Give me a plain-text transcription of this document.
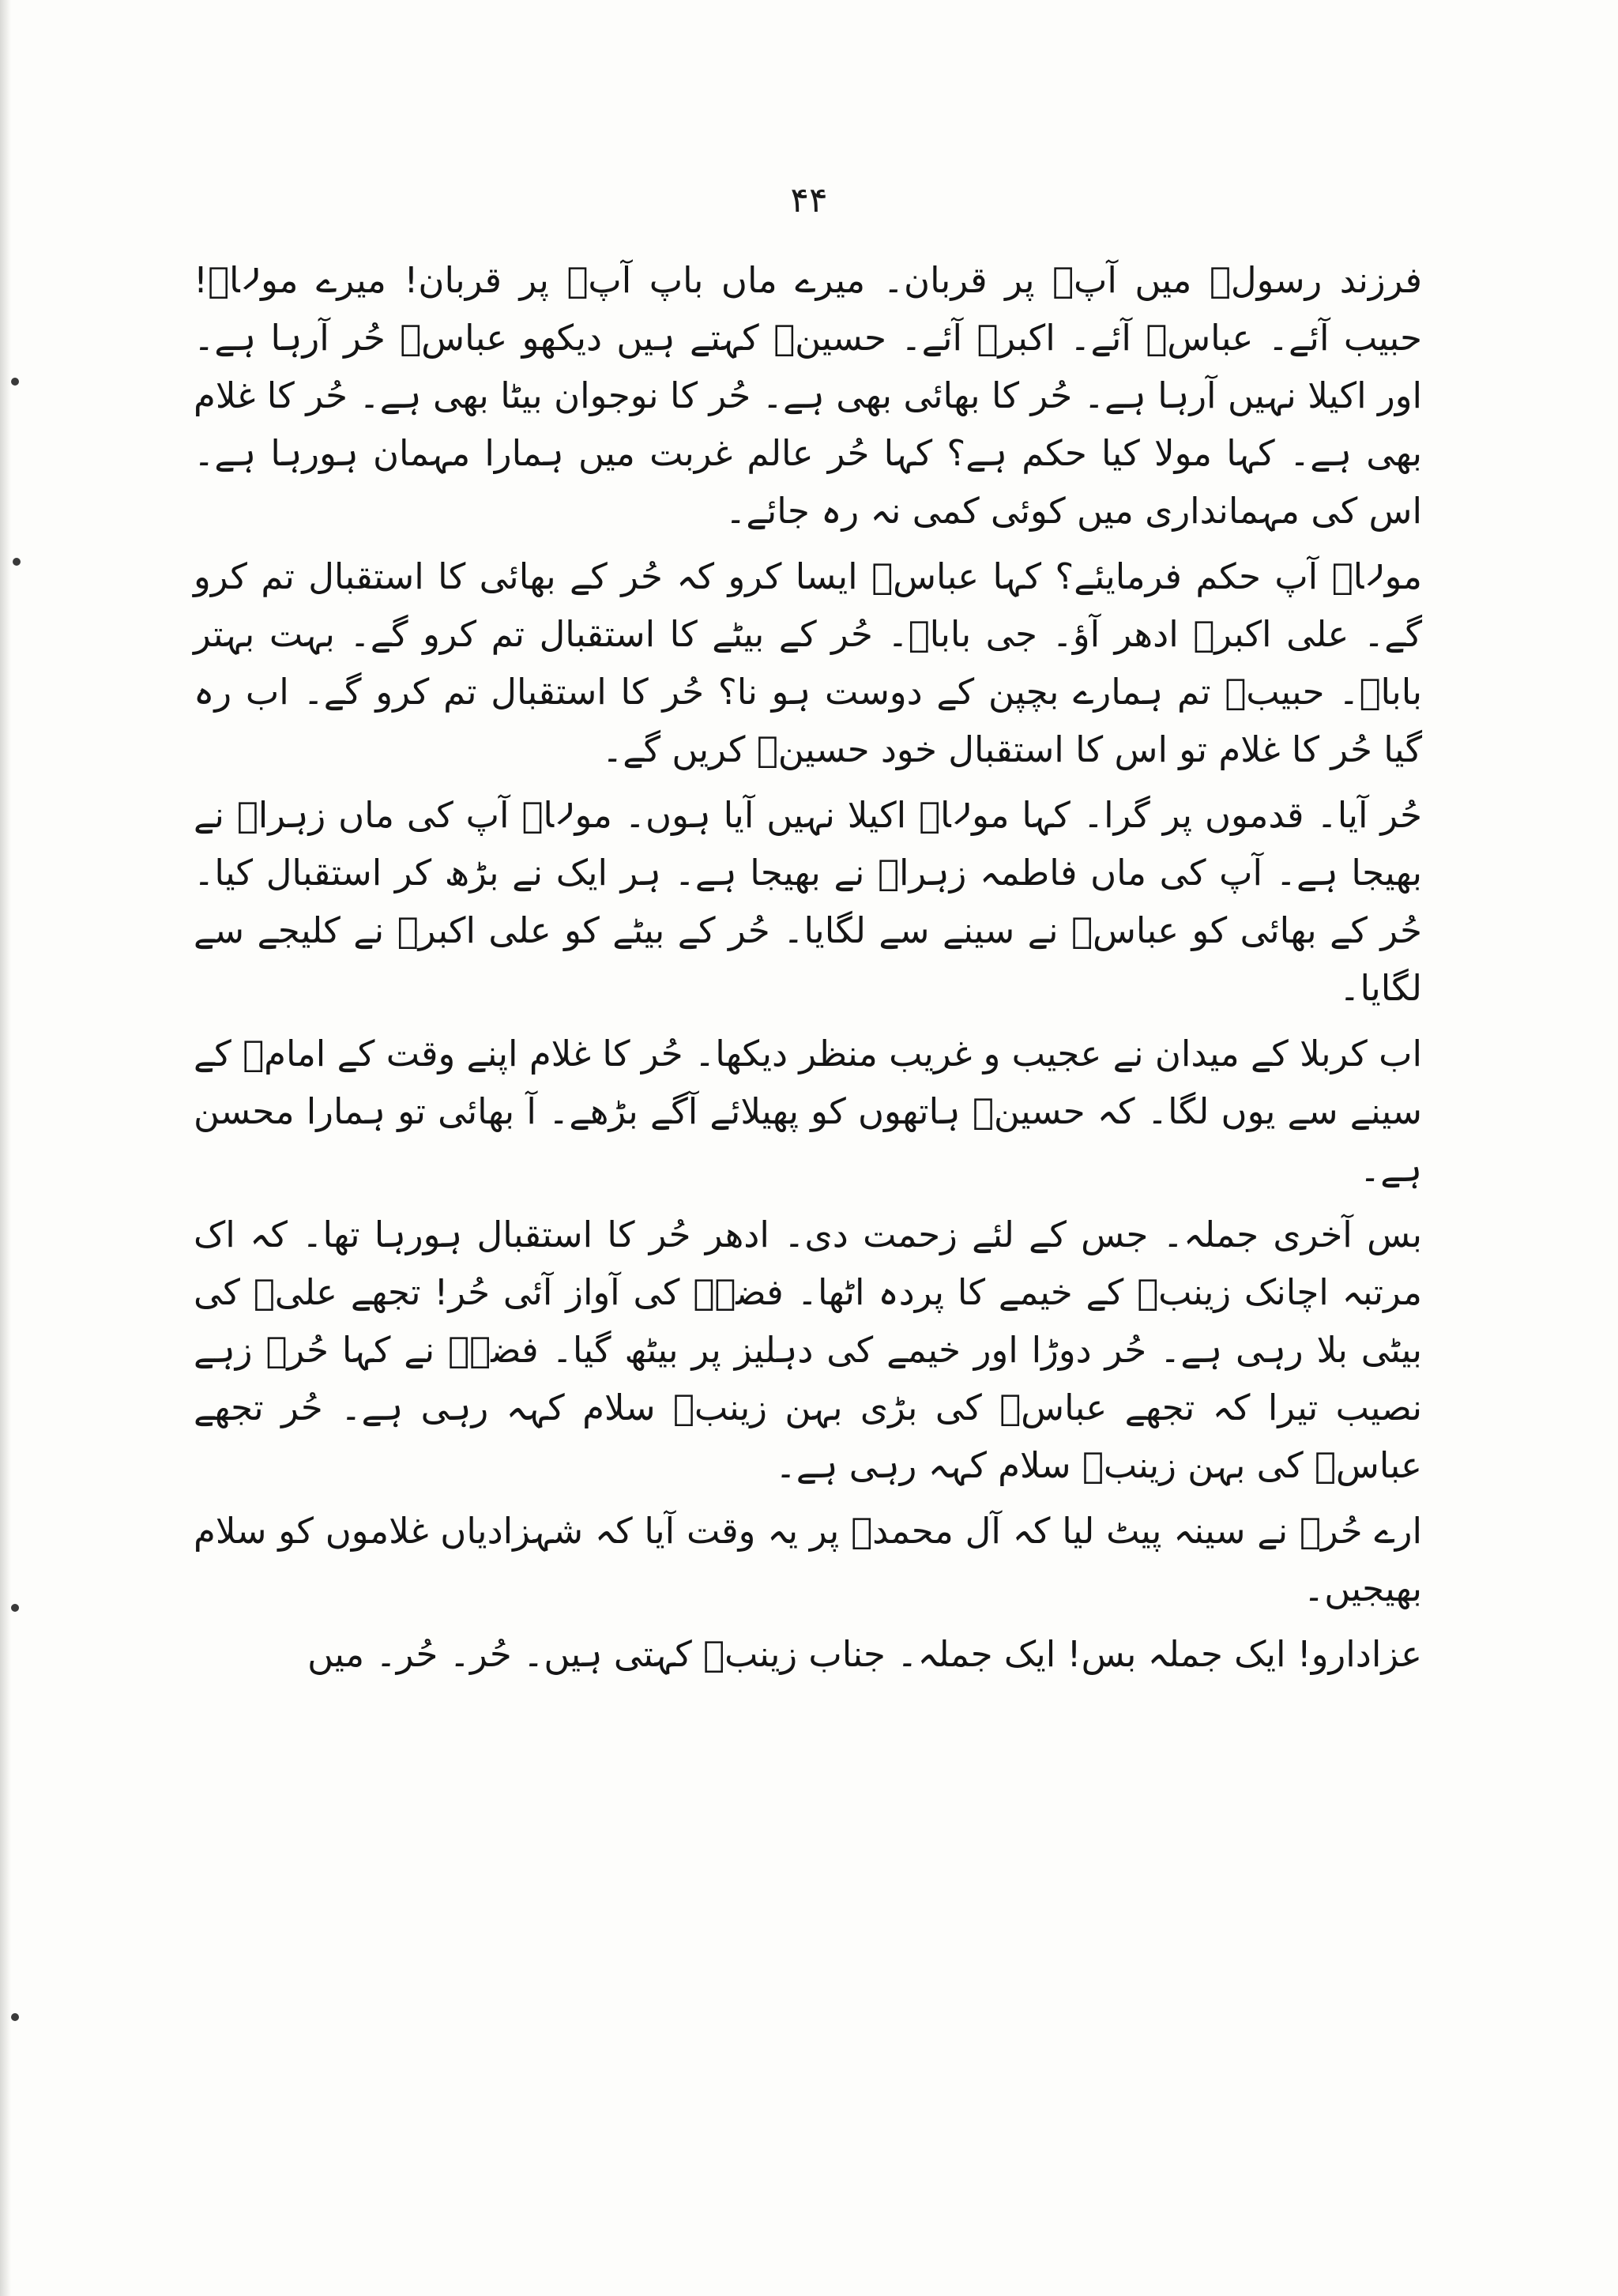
۴۴

فرزند رسولؑ میں آپؑ پر قربان۔ میرے ماں باپ آپؑ پر قربان! میرے مولاؑ! حبیب آئے۔ عباسؑ آئے۔ اکبرؑ آئے۔ حسینؑ کہتے ہیں دیکھو عباسؑ حُر آرہا ہے۔ اور اکیلا نہیں آرہا ہے۔ حُر کا بھائی بھی ہے۔ حُر کا نوجوان بیٹا بھی ہے۔ حُر کا غلام بھی ہے۔ کہا مولا کیا حکم ہے؟ کہا حُر عالم غربت میں ہمارا مہمان ہورہا ہے۔ اس کی مہمانداری میں کوئی کمی نہ رہ جائے۔

مولاؑ آپ حکم فرمایئے؟ کہا عباسؑ ایسا کرو کہ حُر کے بھائی کا استقبال تم کرو گے۔ علی اکبرؑ ادھر آؤ۔ جی باباؑ۔ حُر کے بیٹے کا استقبال تم کرو گے۔ بہت بہتر باباؑ۔ حبیبؑ تم ہمارے بچپن کے دوست ہو نا؟ حُر کا استقبال تم کرو گے۔ اب رہ گیا حُر کا غلام تو اس کا استقبال خود حسینؑ کریں گے۔

حُر آیا۔ قدموں پر گرا۔ کہا مولاؑ اکیلا نہیں آیا ہوں۔ مولاؑ آپ کی ماں زہراؑ نے بھیجا ہے۔ آپ کی ماں فاطمہ زہراؑ نے بھیجا ہے۔ ہر ایک نے بڑھ کر استقبال کیا۔ حُر کے بھائی کو عباسؑ نے سینے سے لگایا۔ حُر کے بیٹے کو علی اکبرؑ نے کلیجے سے لگایا۔

اب کربلا کے میدان نے عجیب و غریب منظر دیکھا۔ حُر کا غلام اپنے وقت کے امامؑ کے سینے سے یوں لگا۔ کہ حسینؑ ہاتھوں کو پھیلائے آگے بڑھے۔ آ بھائی تو ہمارا محسن ہے۔

بس آخری جملہ۔ جس کے لئے زحمت دی۔ ادھر حُر کا استقبال ہورہا تھا۔ کہ اک مرتبہ اچانک زینبؑ کے خیمے کا پردہ اٹھا۔ فضہؑ کی آواز آئی حُر! تجھے علیؑ کی بیٹی بلا رہی ہے۔ حُر دوڑا اور خیمے کی دہلیز پر بیٹھ گیا۔ فضہؑ نے کہا حُرؑ زہے نصیب تیرا کہ تجھے عباسؑ کی بڑی بہن زینبؑ سلام کہہ رہی ہے۔ حُر تجھے عباسؑ کی بہن زینبؑ سلام کہہ رہی ہے۔

ارے حُرؑ نے سینہ پیٹ لیا کہ آل محمدؐ پر یہ وقت آیا کہ شہزادیاں غلاموں کو سلام بھیجیں۔

عزادارو! ایک جملہ بس! ایک جملہ۔ جناب زینبؑ کہتی ہیں۔ حُر۔ حُر۔ میں
